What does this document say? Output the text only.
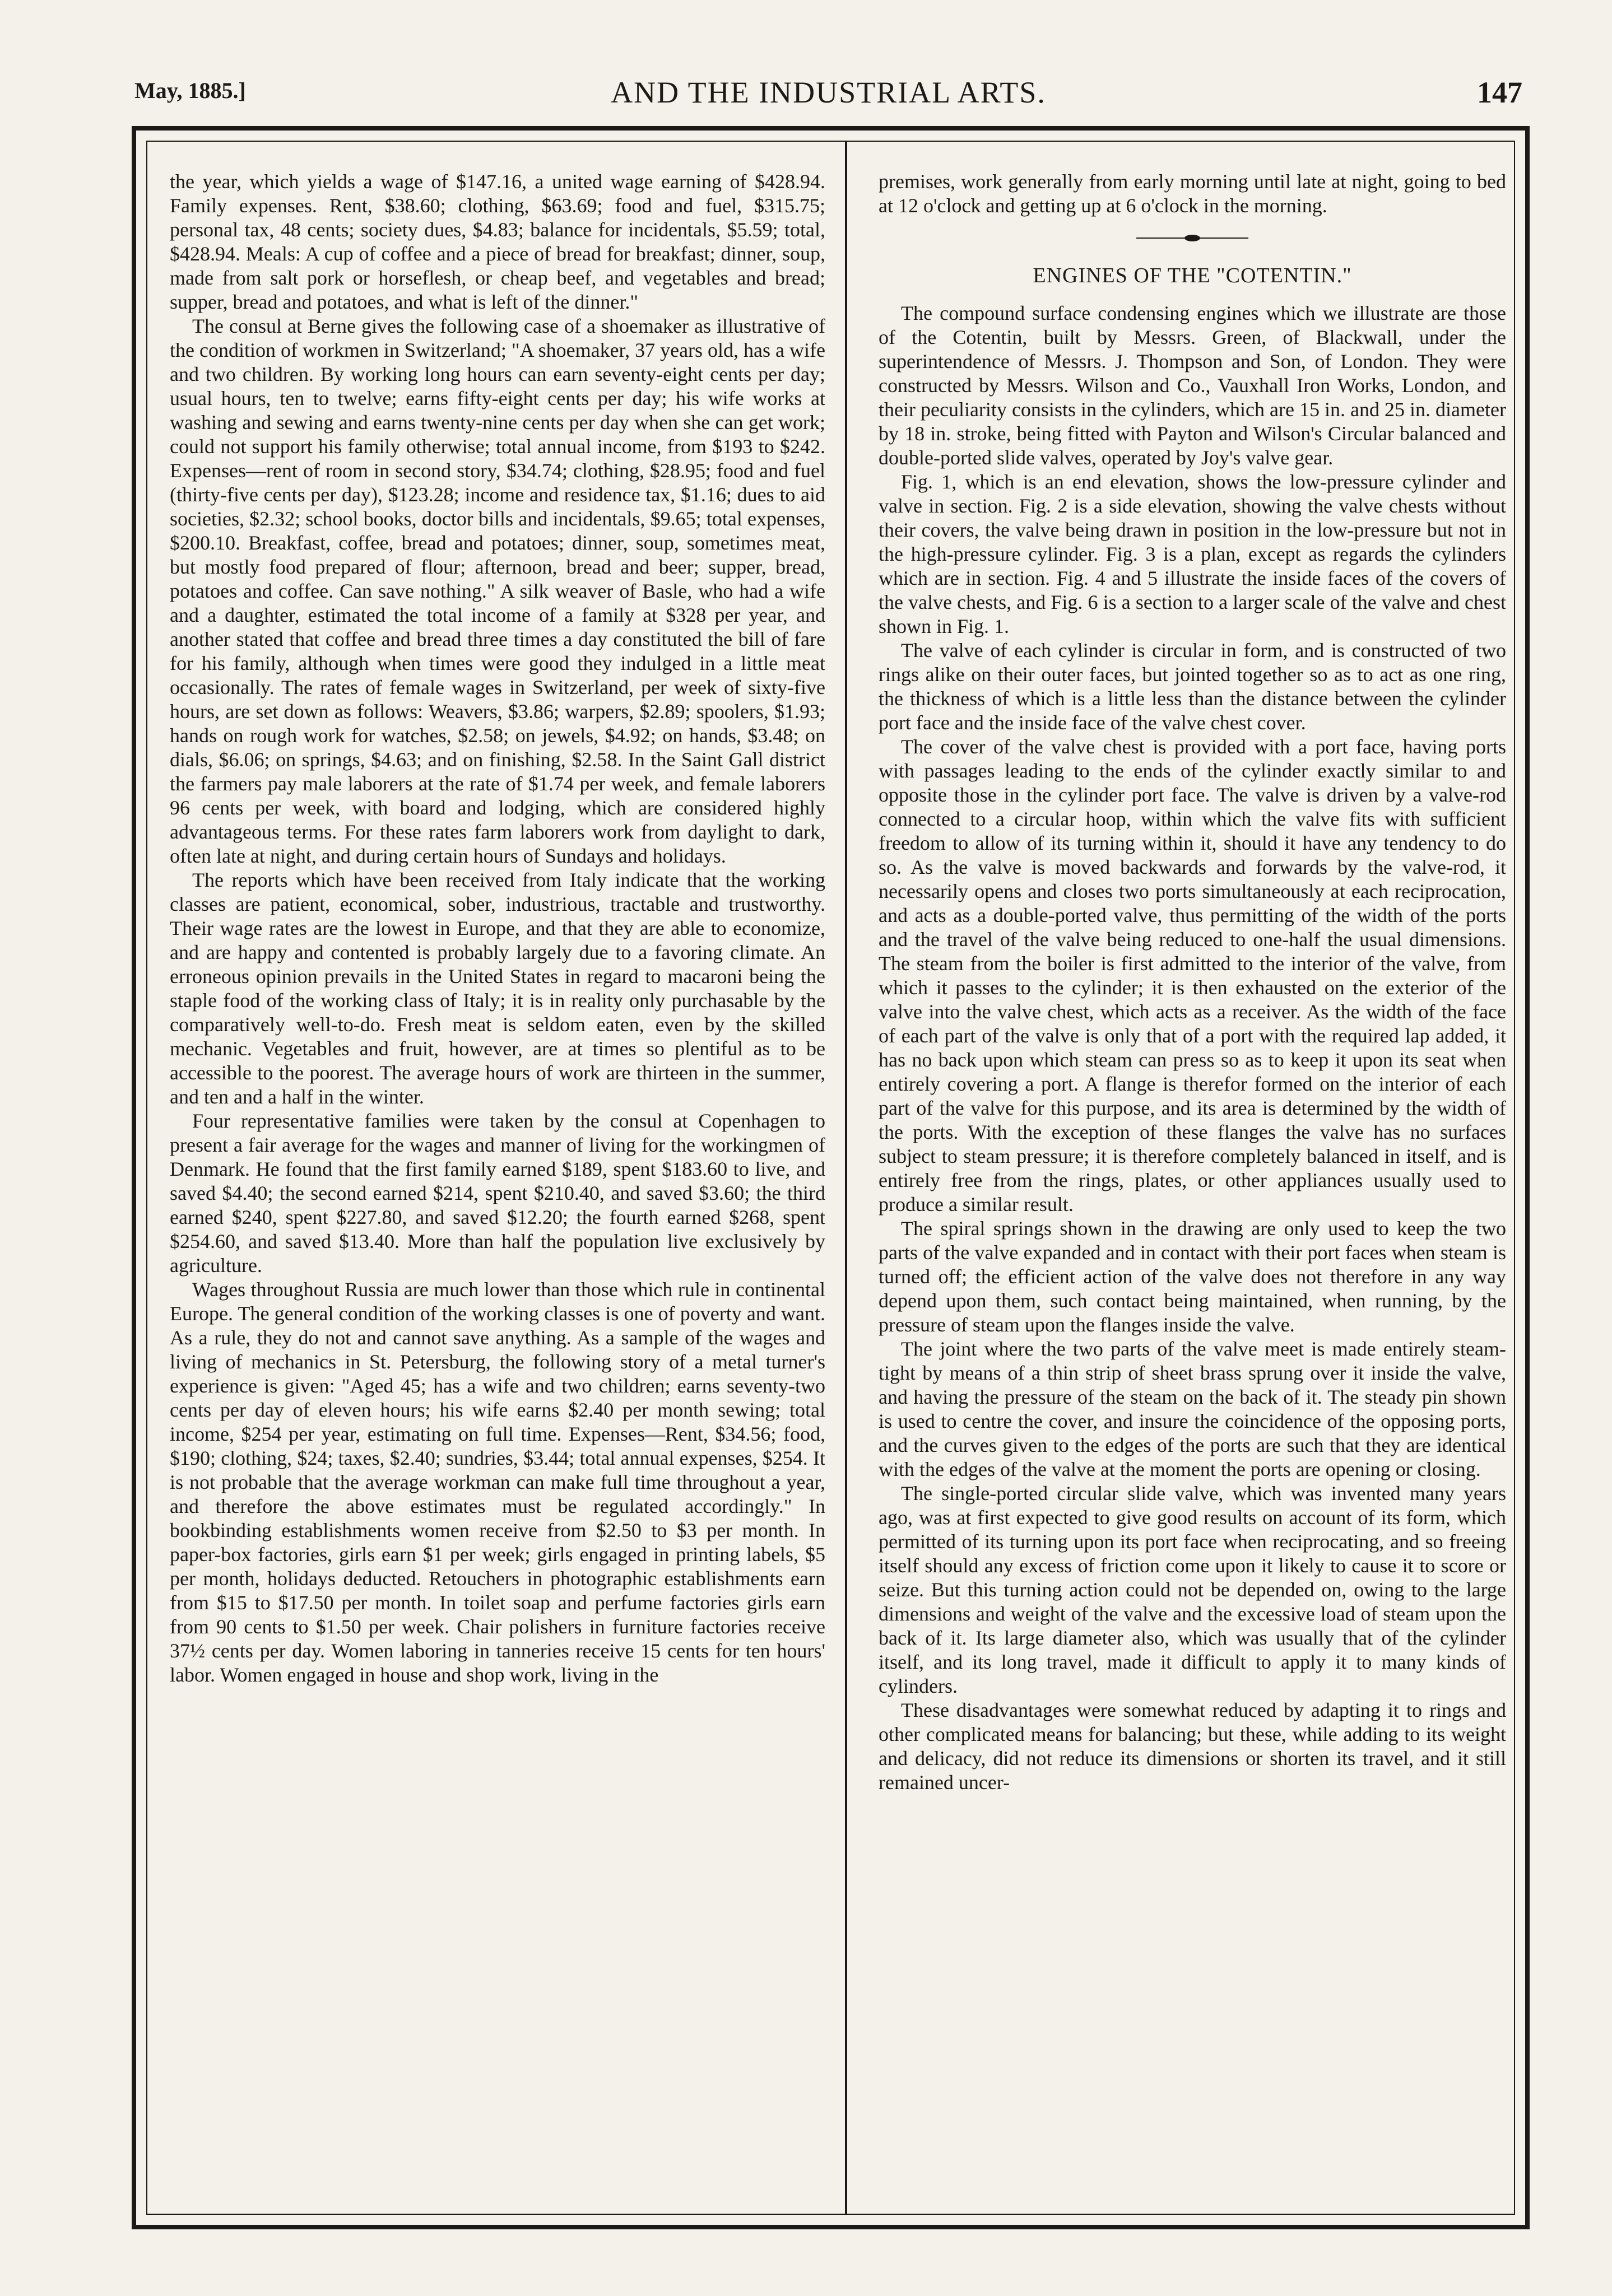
May, 1885.]	AND THE INDUSTRIAL ARTS.	147

the year, which yields a wage of $147.16, a united wage earning of $428.94. Family expenses. Rent, $38.60; clothing, $63.69; food and fuel, $315.75; personal tax, 48 cents; society dues, $4.83; balance for incidentals, $5.59; total, $428.94. Meals: A cup of coffee and a piece of bread for breakfast; dinner, soup, made from salt pork or horseflesh, or cheap beef, and vegetables and bread; supper, bread and potatoes, and what is left of the dinner."

The consul at Berne gives the following case of a shoemaker as illustrative of the condition of workmen in Switzerland; "A shoemaker, 37 years old, has a wife and two children. By working long hours can earn seventy-eight cents per day; usual hours, ten to twelve; earns fifty-eight cents per day; his wife works at washing and sewing and earns twenty-nine cents per day when she can get work; could not support his family otherwise; total annual income, from $193 to $242. Expenses—rent of room in second story, $34.74; clothing, $28.95; food and fuel (thirty-five cents per day), $123.28; income and residence tax, $1.16; dues to aid societies, $2.32; school books, doctor bills and incidentals, $9.65; total expenses, $200.10. Breakfast, coffee, bread and potatoes; dinner, soup, sometimes meat, but mostly food prepared of flour; afternoon, bread and beer; supper, bread, potatoes and coffee. Can save nothing." A silk weaver of Basle, who had a wife and a daughter, estimated the total income of a family at $328 per year, and another stated that coffee and bread three times a day constituted the bill of fare for his family, although when times were good they indulged in a little meat occasionally. The rates of female wages in Switzerland, per week of sixty-five hours, are set down as follows: Weavers, $3.86; warpers, $2.89; spoolers, $1.93; hands on rough work for watches, $2.58; on jewels, $4.92; on hands, $3.48; on dials, $6.06; on springs, $4.63; and on finishing, $2.58. In the Saint Gall district the farmers pay male laborers at the rate of $1.74 per week, and female laborers 96 cents per week, with board and lodging, which are considered highly advantageous terms. For these rates farm laborers work from daylight to dark, often late at night, and during certain hours of Sundays and holidays.

The reports which have been received from Italy indicate that the working classes are patient, economical, sober, industrious, tractable and trustworthy. Their wage rates are the lowest in Europe, and that they are able to economize, and are happy and contented is probably largely due to a favoring climate. An erroneous opinion prevails in the United States in regard to macaroni being the staple food of the working class of Italy; it is in reality only purchasable by the comparatively well-to-do. Fresh meat is seldom eaten, even by the skilled mechanic. Vegetables and fruit, however, are at times so plentiful as to be accessible to the poorest. The average hours of work are thirteen in the summer, and ten and a half in the winter.

Four representative families were taken by the consul at Copenhagen to present a fair average for the wages and manner of living for the workingmen of Denmark. He found that the first family earned $189, spent $183.60 to live, and saved $4.40; the second earned $214, spent $210.40, and saved $3.60; the third earned $240, spent $227.80, and saved $12.20; the fourth earned $268, spent $254.60, and saved $13.40. More than half the population live exclusively by agriculture.

Wages throughout Russia are much lower than those which rule in continental Europe. The general condition of the working classes is one of poverty and want. As a rule, they do not and cannot save anything. As a sample of the wages and living of mechanics in St. Petersburg, the following story of a metal turner's experience is given: "Aged 45; has a wife and two children; earns seventy-two cents per day of eleven hours; his wife earns $2.40 per month sewing; total income, $254 per year, estimating on full time. Expenses—Rent, $34.56; food, $190; clothing, $24; taxes, $2.40; sundries, $3.44; total annual expenses, $254. It is not probable that the average workman can make full time throughout a year, and therefore the above estimates must be regulated accordingly." In bookbinding establishments women receive from $2.50 to $3 per month. In paper-box factories, girls earn $1 per week; girls engaged in printing labels, $5 per month, holidays deducted. Retouchers in photographic establishments earn from $15 to $17.50 per month. In toilet soap and perfume factories girls earn from 90 cents to $1.50 per week. Chair polishers in furniture factories receive 37½ cents per day. Women laboring in tanneries receive 15 cents for ten hours' labor. Women engaged in house and shop work, living in the

premises, work generally from early morning until late at night, going to bed at 12 o'clock and getting up at 6 o'clock in the morning.

ENGINES OF THE "COTENTIN."

The compound surface condensing engines which we illustrate are those of the Cotentin, built by Messrs. Green, of Blackwall, under the superintendence of Messrs. J. Thompson and Son, of London. They were constructed by Messrs. Wilson and Co., Vauxhall Iron Works, London, and their peculiarity consists in the cylinders, which are 15 in. and 25 in. diameter by 18 in. stroke, being fitted with Payton and Wilson's Circular balanced and double-ported slide valves, operated by Joy's valve gear.

Fig. 1, which is an end elevation, shows the low-pressure cylinder and valve in section. Fig. 2 is a side elevation, showing the valve chests without their covers, the valve being drawn in position in the low-pressure but not in the high-pressure cylinder. Fig. 3 is a plan, except as regards the cylinders which are in section. Fig. 4 and 5 illustrate the inside faces of the covers of the valve chests, and Fig. 6 is a section to a larger scale of the valve and chest shown in Fig. 1.

The valve of each cylinder is circular in form, and is constructed of two rings alike on their outer faces, but jointed together so as to act as one ring, the thickness of which is a little less than the distance between the cylinder port face and the inside face of the valve chest cover.

The cover of the valve chest is provided with a port face, having ports with passages leading to the ends of the cylinder exactly similar to and opposite those in the cylinder port face. The valve is driven by a valve-rod connected to a circular hoop, within which the valve fits with sufficient freedom to allow of its turning within it, should it have any tendency to do so. As the valve is moved backwards and forwards by the valve-rod, it necessarily opens and closes two ports simultaneously at each reciprocation, and acts as a double-ported valve, thus permitting of the width of the ports and the travel of the valve being reduced to one-half the usual dimensions. The steam from the boiler is first admitted to the interior of the valve, from which it passes to the cylinder; it is then exhausted on the exterior of the valve into the valve chest, which acts as a receiver. As the width of the face of each part of the valve is only that of a port with the required lap added, it has no back upon which steam can press so as to keep it upon its seat when entirely covering a port. A flange is therefor formed on the interior of each part of the valve for this purpose, and its area is determined by the width of the ports. With the exception of these flanges the valve has no surfaces subject to steam pressure; it is therefore completely balanced in itself, and is entirely free from the rings, plates, or other appliances usually used to produce a similar result.

The spiral springs shown in the drawing are only used to keep the two parts of the valve expanded and in contact with their port faces when steam is turned off; the efficient action of the valve does not therefore in any way depend upon them, such contact being maintained, when running, by the pressure of steam upon the flanges inside the valve.

The joint where the two parts of the valve meet is made entirely steam-tight by means of a thin strip of sheet brass sprung over it inside the valve, and having the pressure of the steam on the back of it. The steady pin shown is used to centre the cover, and insure the coincidence of the opposing ports, and the curves given to the edges of the ports are such that they are identical with the edges of the valve at the moment the ports are opening or closing.

The single-ported circular slide valve, which was invented many years ago, was at first expected to give good results on account of its form, which permitted of its turning upon its port face when reciprocating, and so freeing itself should any excess of friction come upon it likely to cause it to score or seize. But this turning action could not be depended on, owing to the large dimensions and weight of the valve and the excessive load of steam upon the back of it. Its large diameter also, which was usually that of the cylinder itself, and its long travel, made it difficult to apply it to many kinds of cylinders.

These disadvantages were somewhat reduced by adapting it to rings and other complicated means for balancing; but these, while adding to its weight and delicacy, did not reduce its dimensions or shorten its travel, and it still remained uncer-
